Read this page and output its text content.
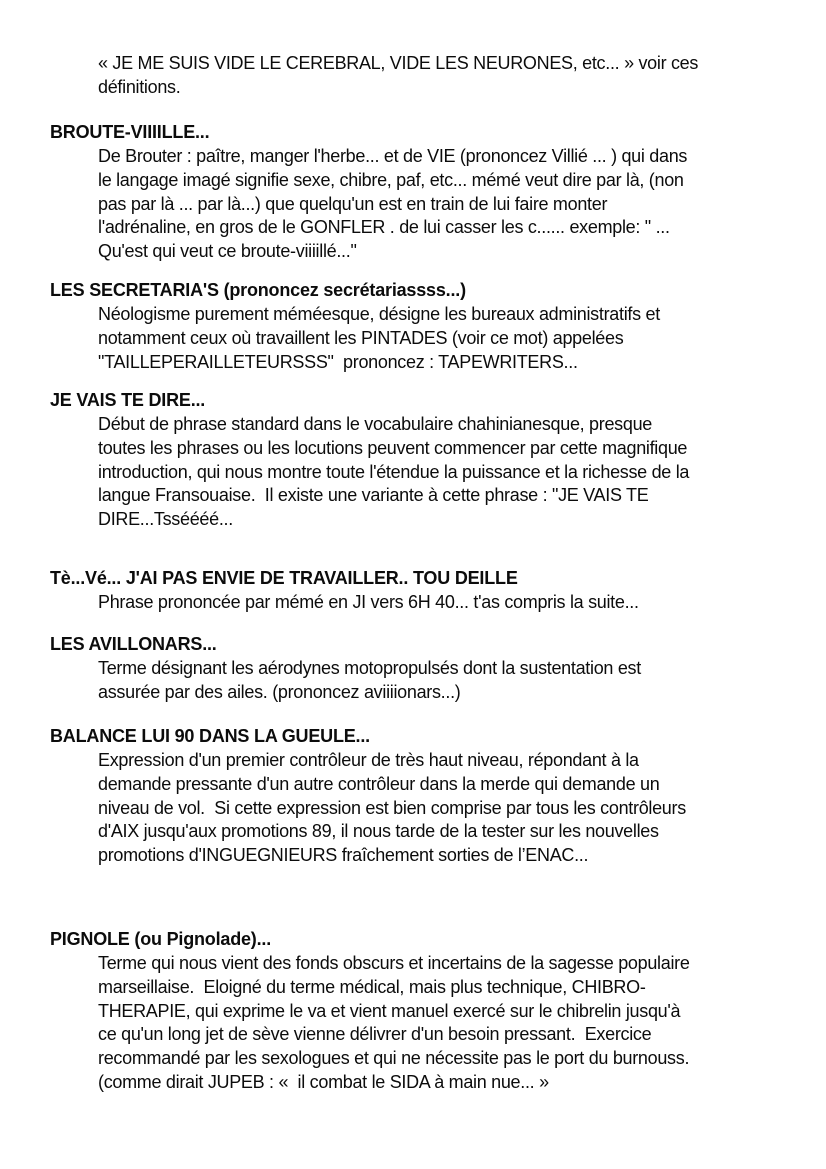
« JE ME SUIS VIDE LE CEREBRAL, VIDE LES NEURONES, etc... » voir ces
définitions.
BROUTE-VIIIILLE...
De Brouter : paître, manger l'herbe... et de VIE (prononcez Villié ... ) qui dans
le langage imagé signifie sexe, chibre, paf, etc... mémé veut dire par là, (non
pas par là ... par là...) que quelqu'un est en train de lui faire monter
l'adrénaline, en gros de le GONFLER . de lui casser les c...... exemple: " ...
Qu'est qui veut ce broute-viiiillé..."
LES SECRETARIA'S (prononcez secrétariassss...)
Néologisme purement méméesque, désigne les bureaux administratifs et
notamment ceux où travaillent les PINTADES (voir ce mot) appelées
"TAILLEPERAILLETEURSSS"  prononcez : TAPEWRITERS...
JE VAIS TE DIRE...
Début de phrase standard dans le vocabulaire chahinianesque, presque
toutes les phrases ou les locutions peuvent commencer par cette magnifique
introduction, qui nous montre toute l'étendue la puissance et la richesse de la
langue Fransouaise.  Il existe une variante à cette phrase : "JE VAIS TE
DIRE...Tsséééé...
Tè...Vé... J'AI PAS ENVIE DE TRAVAILLER.. TOU DEILLE
Phrase prononcée par mémé en JI vers 6H 40... t'as compris la suite...
LES AVILLONARS...
Terme désignant les aérodynes motopropulsés dont la sustentation est
assurée par des ailes. (prononcez aviiiionars...)
BALANCE LUI 90 DANS LA GUEULE...
Expression d'un premier contrôleur de très haut niveau, répondant à la
demande pressante d'un autre contrôleur dans la merde qui demande un
niveau de vol.  Si cette expression est bien comprise par tous les contrôleurs
d'AIX jusqu'aux promotions 89, il nous tarde de la tester sur les nouvelles
promotions d'INGUEGNIEURS fraîchement sorties de l’ENAC...
PIGNOLE (ou Pignolade)...
Terme qui nous vient des fonds obscurs et incertains de la sagesse populaire
marseillaise.  Eloigné du terme médical, mais plus technique, CHIBRO-
THERAPIE, qui exprime le va et vient manuel exercé sur le chibrelin jusqu'à
ce qu'un long jet de sève vienne délivrer d'un besoin pressant.  Exercice
recommandé par les sexologues et qui ne nécessite pas le port du burnouss.
(comme dirait JUPEB : «  il combat le SIDA à main nue... »
